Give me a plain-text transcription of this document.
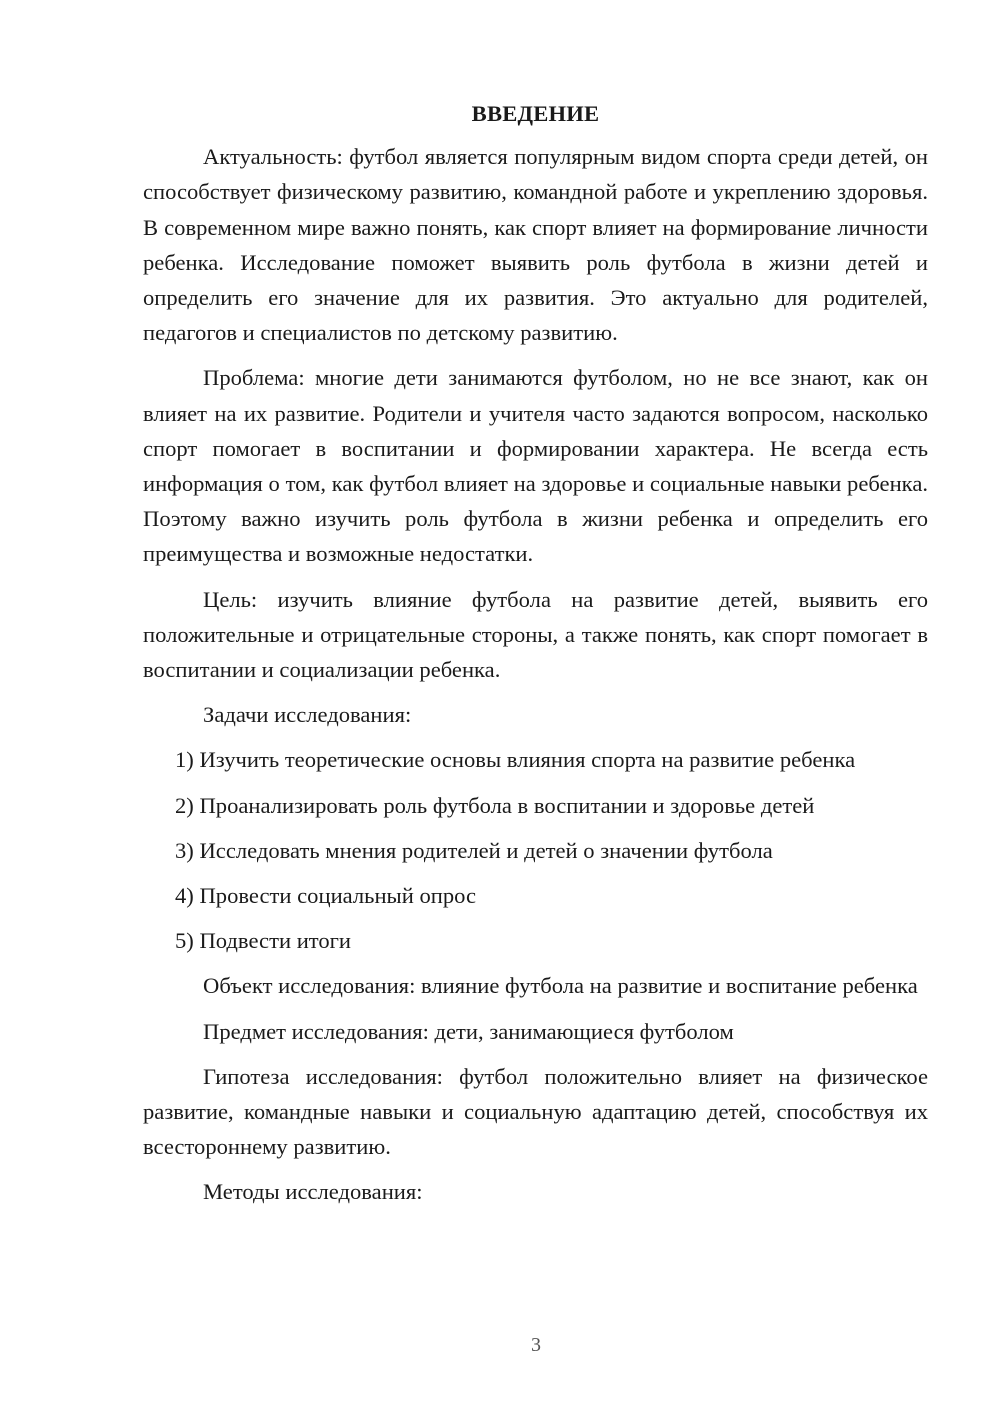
ВВЕДЕНИЕ

Актуальность: футбол является популярным видом спорта среди детей, он способствует физическому развитию, командной работе и укреплению здоровья. В современном мире важно понять, как спорт влияет на формирование личности ребенка. Исследование поможет выявить роль футбола в жизни детей и определить его значение для их развития. Это актуально для родителей, педагогов и специалистов по детскому развитию.

Проблема: многие дети занимаются футболом, но не все знают, как он влияет на их развитие. Родители и учителя часто задаются вопросом, насколько спорт помогает в воспитании и формировании характера. Не всегда есть информация о том, как футбол влияет на здоровье и социальные навыки ребенка. Поэтому важно изучить роль футбола в жизни ребенка и определить его преимущества и возможные недостатки.

Цель: изучить влияние футбола на развитие детей, выявить его положительные и отрицательные стороны, а также понять, как спорт помогает в воспитании и социализации ребенка.

Задачи исследования:

1) Изучить теоретические основы влияния спорта на развитие ребенка
2) Проанализировать роль футбола в воспитании и здоровье детей
3) Исследовать мнения родителей и детей о значении футбола
4) Провести социальный опрос
5) Подвести итоги

Объект исследования: влияние футбола на развитие и воспитание ребенка

Предмет исследования: дети, занимающиеся футболом

Гипотеза исследования: футбол положительно влияет на физическое развитие, командные навыки и социальную адаптацию детей, способствуя их всестороннему развитию.

Методы исследования:

3
